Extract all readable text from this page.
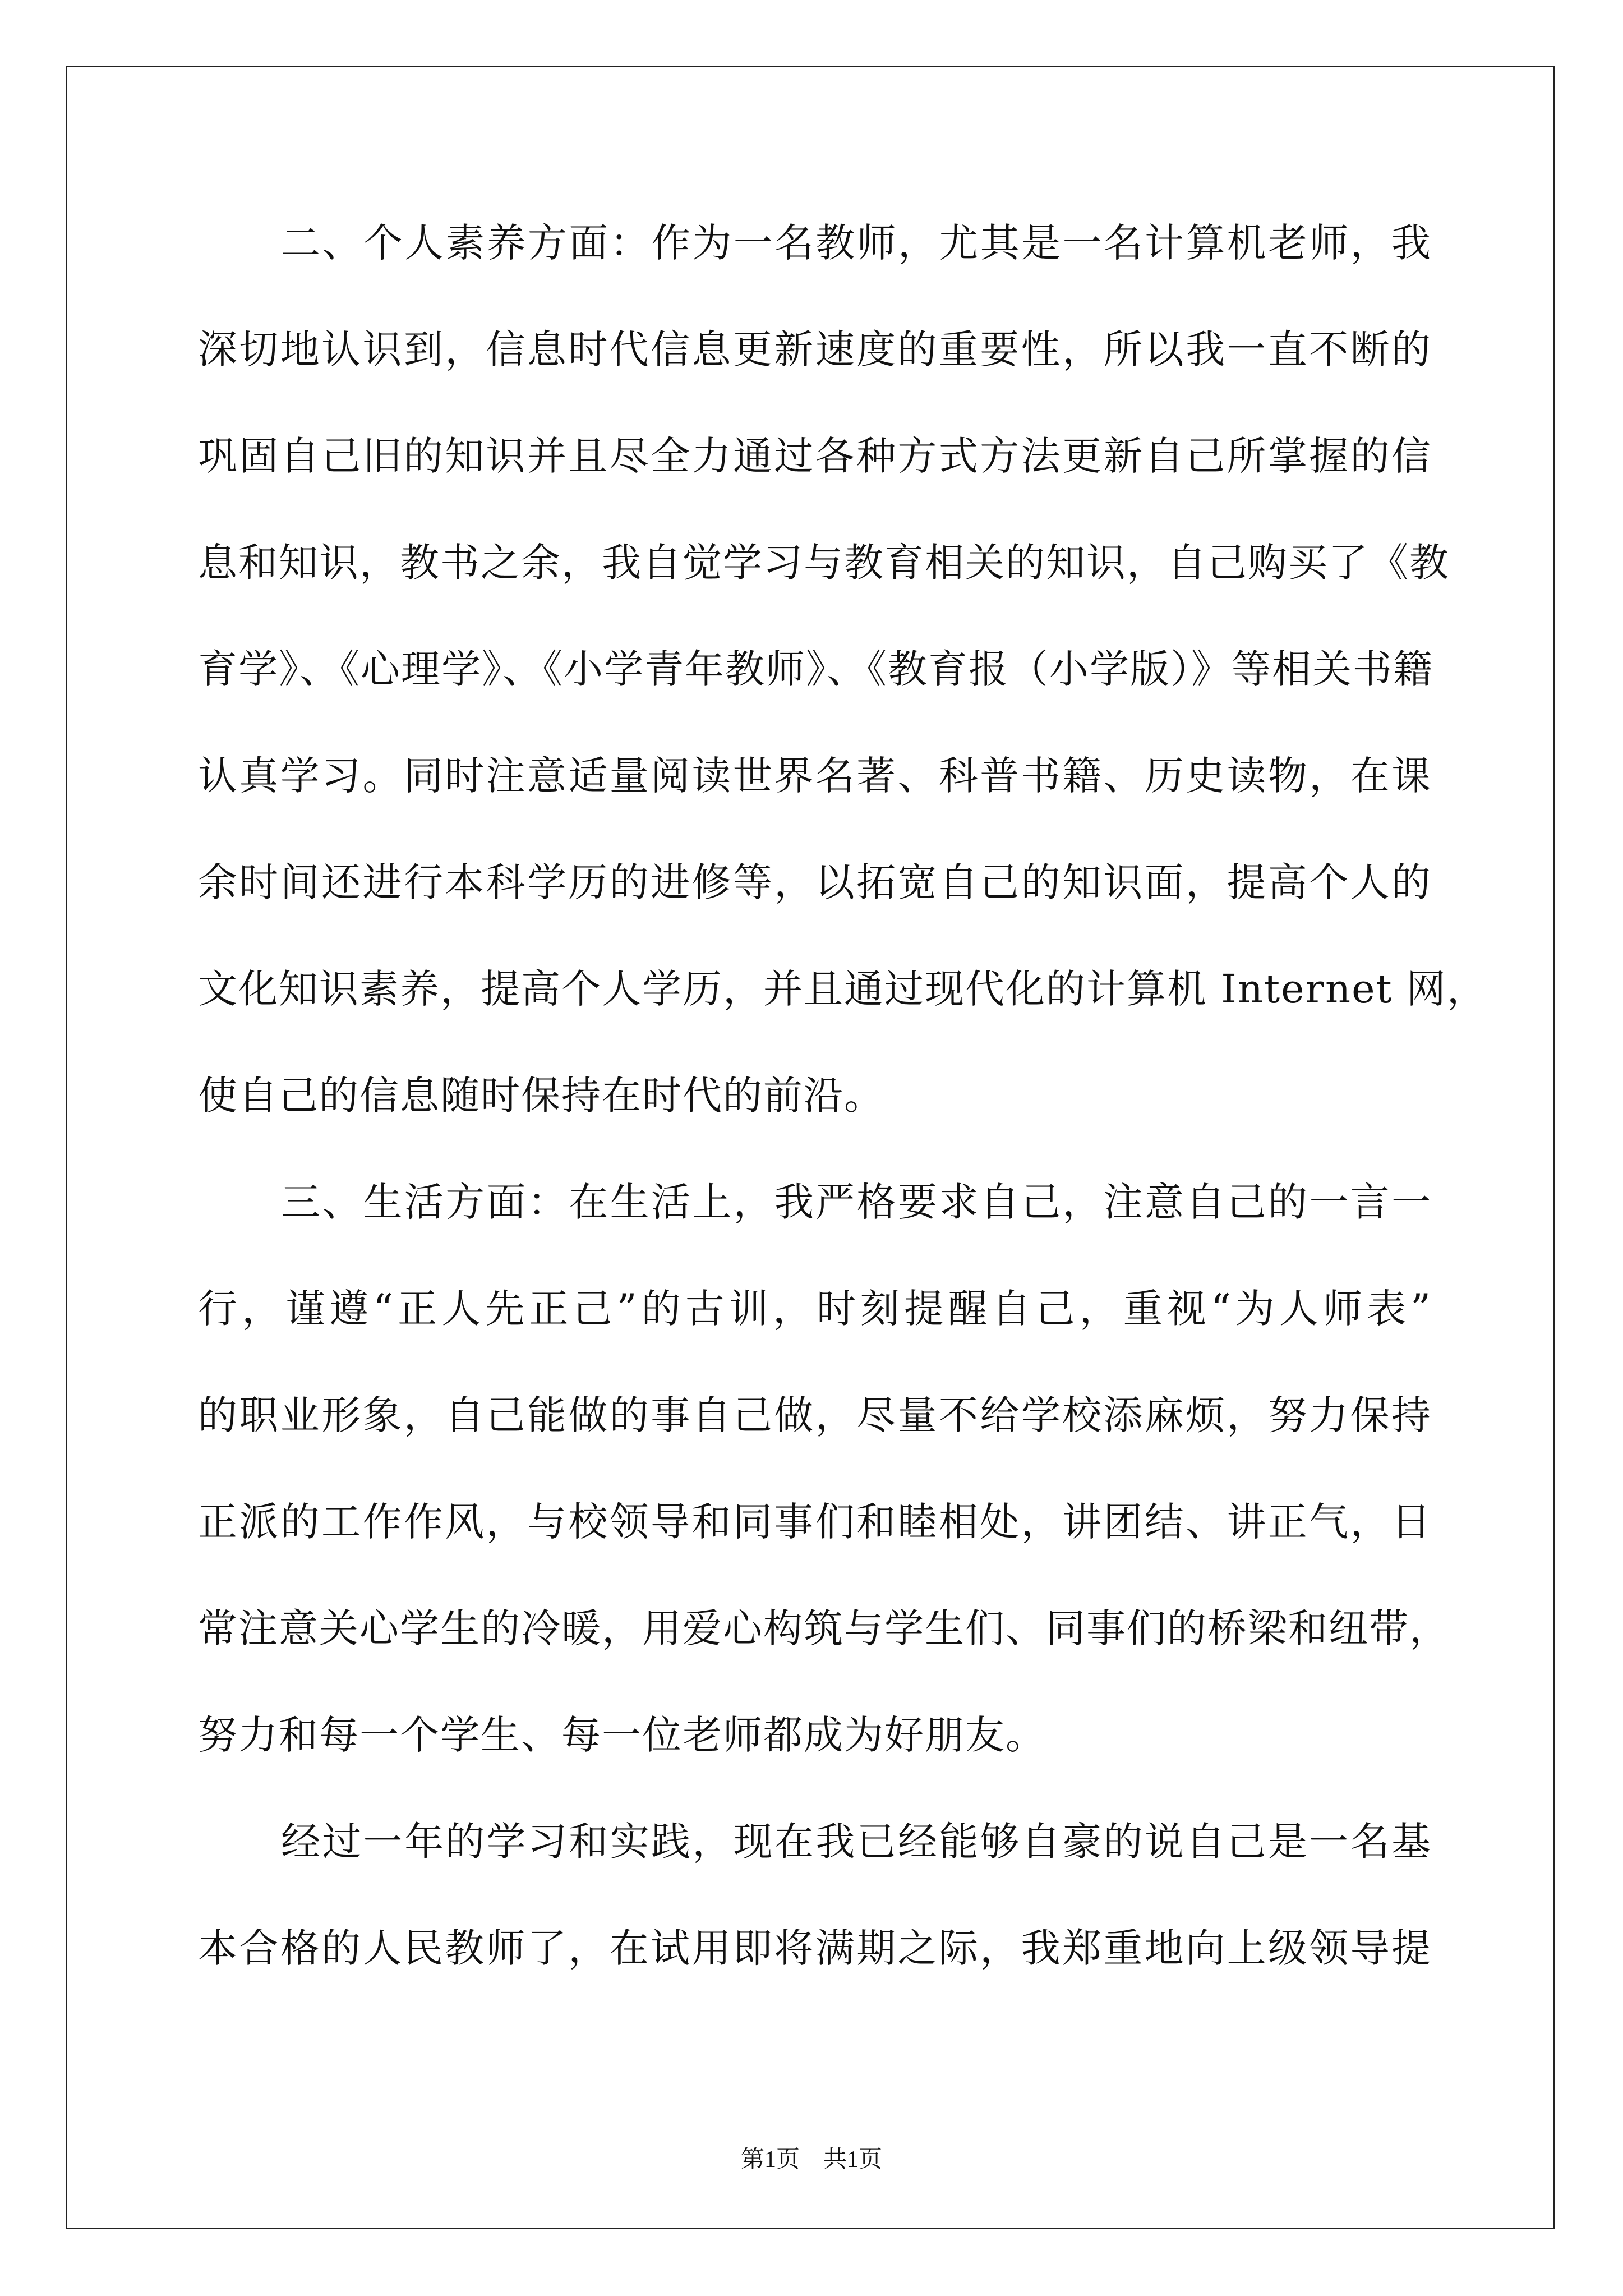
二、个人素养方面：作为一名教师，尤其是一名计算机老师，我
深切地认识到，信息时代信息更新速度的重要性，所以我一直不断的
巩固自己旧的知识并且尽全力通过各种方式方法更新自己所掌握的信
息和知识，教书之余，我自觉学习与教育相关的知识，自己购买了《教
育学》、《心理学》、《小学青年教师》、《教育报（小学版）》等相关书籍
认真学习。同时注意适量阅读世界名著、科普书籍、历史读物，在课
余时间还进行本科学历的进修等，以拓宽自己的知识面，提高个人的
文化知识素养，提高个人学历，并且通过现代化的计算机 Internet 网，
使自己的信息随时保持在时代的前沿。
三、生活方面：在生活上，我严格要求自己，注意自己的一言一
行，谨遵“正人先正己”的古训，时刻提醒自己，重视“为人师表”
的职业形象，自己能做的事自己做，尽量不给学校添麻烦，努力保持
正派的工作作风，与校领导和同事们和睦相处，讲团结、讲正气，日
常注意关心学生的冷暖，用爱心构筑与学生们、同事们的桥梁和纽带，
努力和每一个学生、每一位老师都成为好朋友。
经过一年的学习和实践，现在我已经能够自豪的说自己是一名基
本合格的人民教师了，在试用即将满期之际，我郑重地向上级领导提
第1页　共1页
